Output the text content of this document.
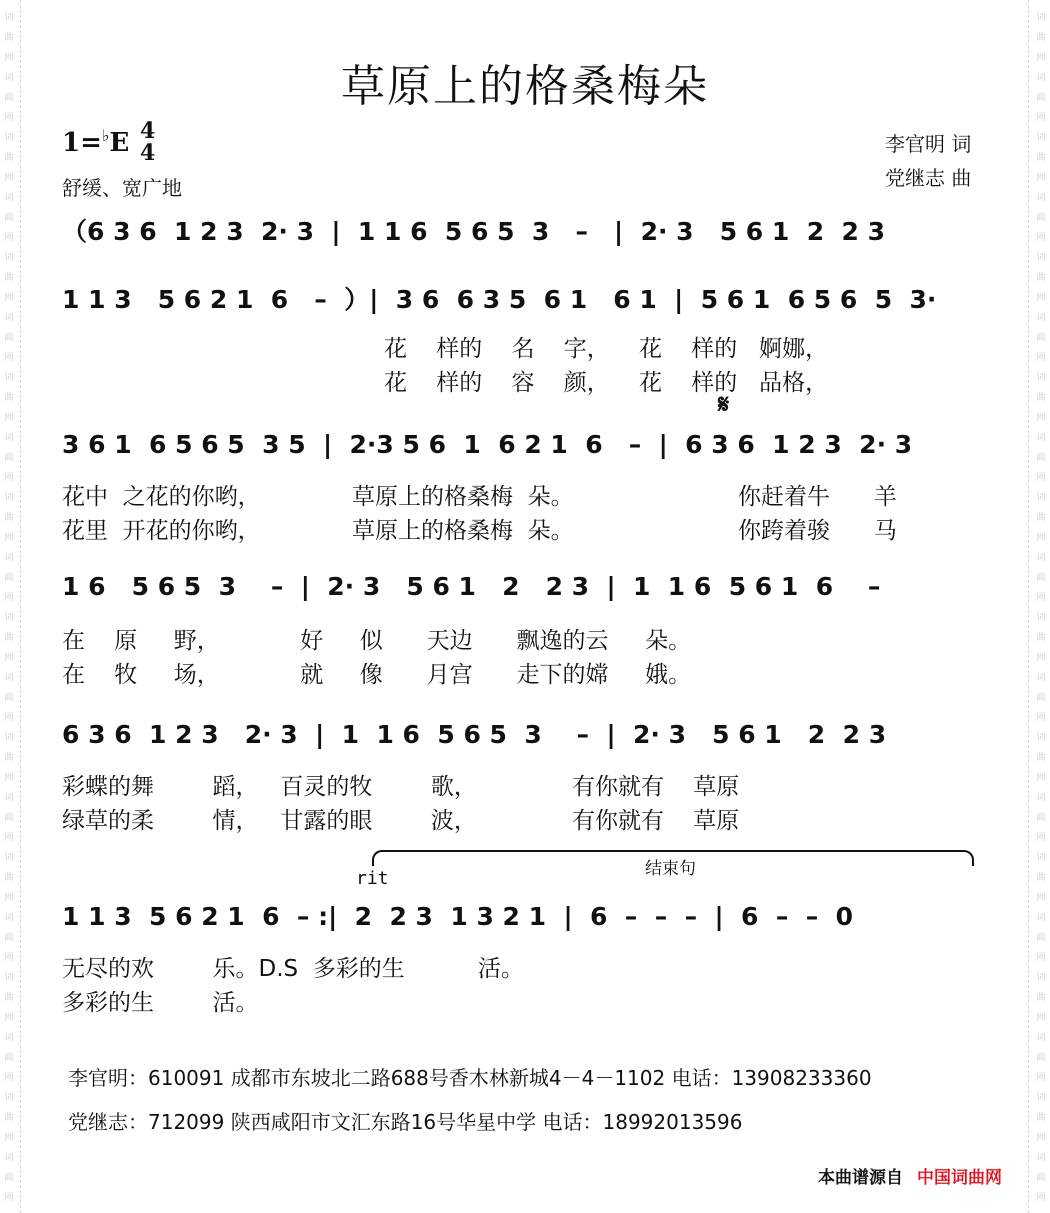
词
曲
网
词
曲
网
词
曲
网
词
曲
网
词
曲
网
词
曲
网
词
曲
网
词
曲
网
词
曲
网
词
曲
网
词
曲
网
词
曲
网
词
曲
网
词
曲
网
词
曲
网
词
曲
网
词
曲
网
词
曲
网
词
曲
网
词
曲
网
词
曲
网
词
曲
网
词
曲
网
词
曲
网
词
曲
网
词
曲
网
词
曲
网
词
曲
网
词
曲
网
词
曲
网
词
曲
网
词
曲
网
词
曲
网
词
曲
网
词
曲
网
词
曲
网
词
曲
网
词
曲
网
词
曲
网
词
曲
网
草原上的格桑梅朵
1=♭E 4
4
舒缓、宽广地
李官明 词
党继志 曲
（6 3 6  1 2 3  2· 3  |  1 1 6  5 6 5  3   –   |  2· 3   5 6 1  2  2 3
1 1 3   5 6 2 1  6   –  ）|  3 6  6 3 5  6 1   6 1  |  5 6 1  6 5 6  5  3·
花    样的    名    字，    花    样的   婀娜，
花    样的    容    颜，    花    样的   品格，
𝄋
3 6 1  6 5 6 5  3 5  |  2·3 5 6  1  6 2 1  6   –  |  6 3 6  1 2 3  2· 3
花中  之花的你哟，	草原上的格桑梅  朵。	你赶着牛      羊
花里  开花的你哟，	草原上的格桑梅  朵。	你跨着骏      马
1 6   5 6 5  3    –  |  2· 3   5 6 1   2   2 3  |  1  1 6  5 6 1  6    –
在    原     野，           好     似      天边      飘逸的云     朵。
在    牧     场，           就     像      月宫      走下的嫦     娥。
6 3 6  1 2 3   2· 3  |  1  1 6  5 6 5  3    –  |  2· 3   5 6 1   2  2 3
彩蝶的舞        蹈，   百灵的牧        歌，             有你就有    草原
绿草的柔        情，   甘露的眼        波，             有你就有    草原
结束句
rit
1 1 3  5 6 2 1  6  – :|  2  2 3  1 3 2 1  |  6  –  –  –  |  6  –  –  0
无尽的欢        乐。D.S  多彩的生          活。
多彩的生        活。
李官明：610091 成都市东坡北二路688号香木林新城4－4－1102 电话：13908233360
党继志：712099 陕西咸阳市文汇东路16号华星中学 电话：18992013596
本曲谱源自 中国词曲网
